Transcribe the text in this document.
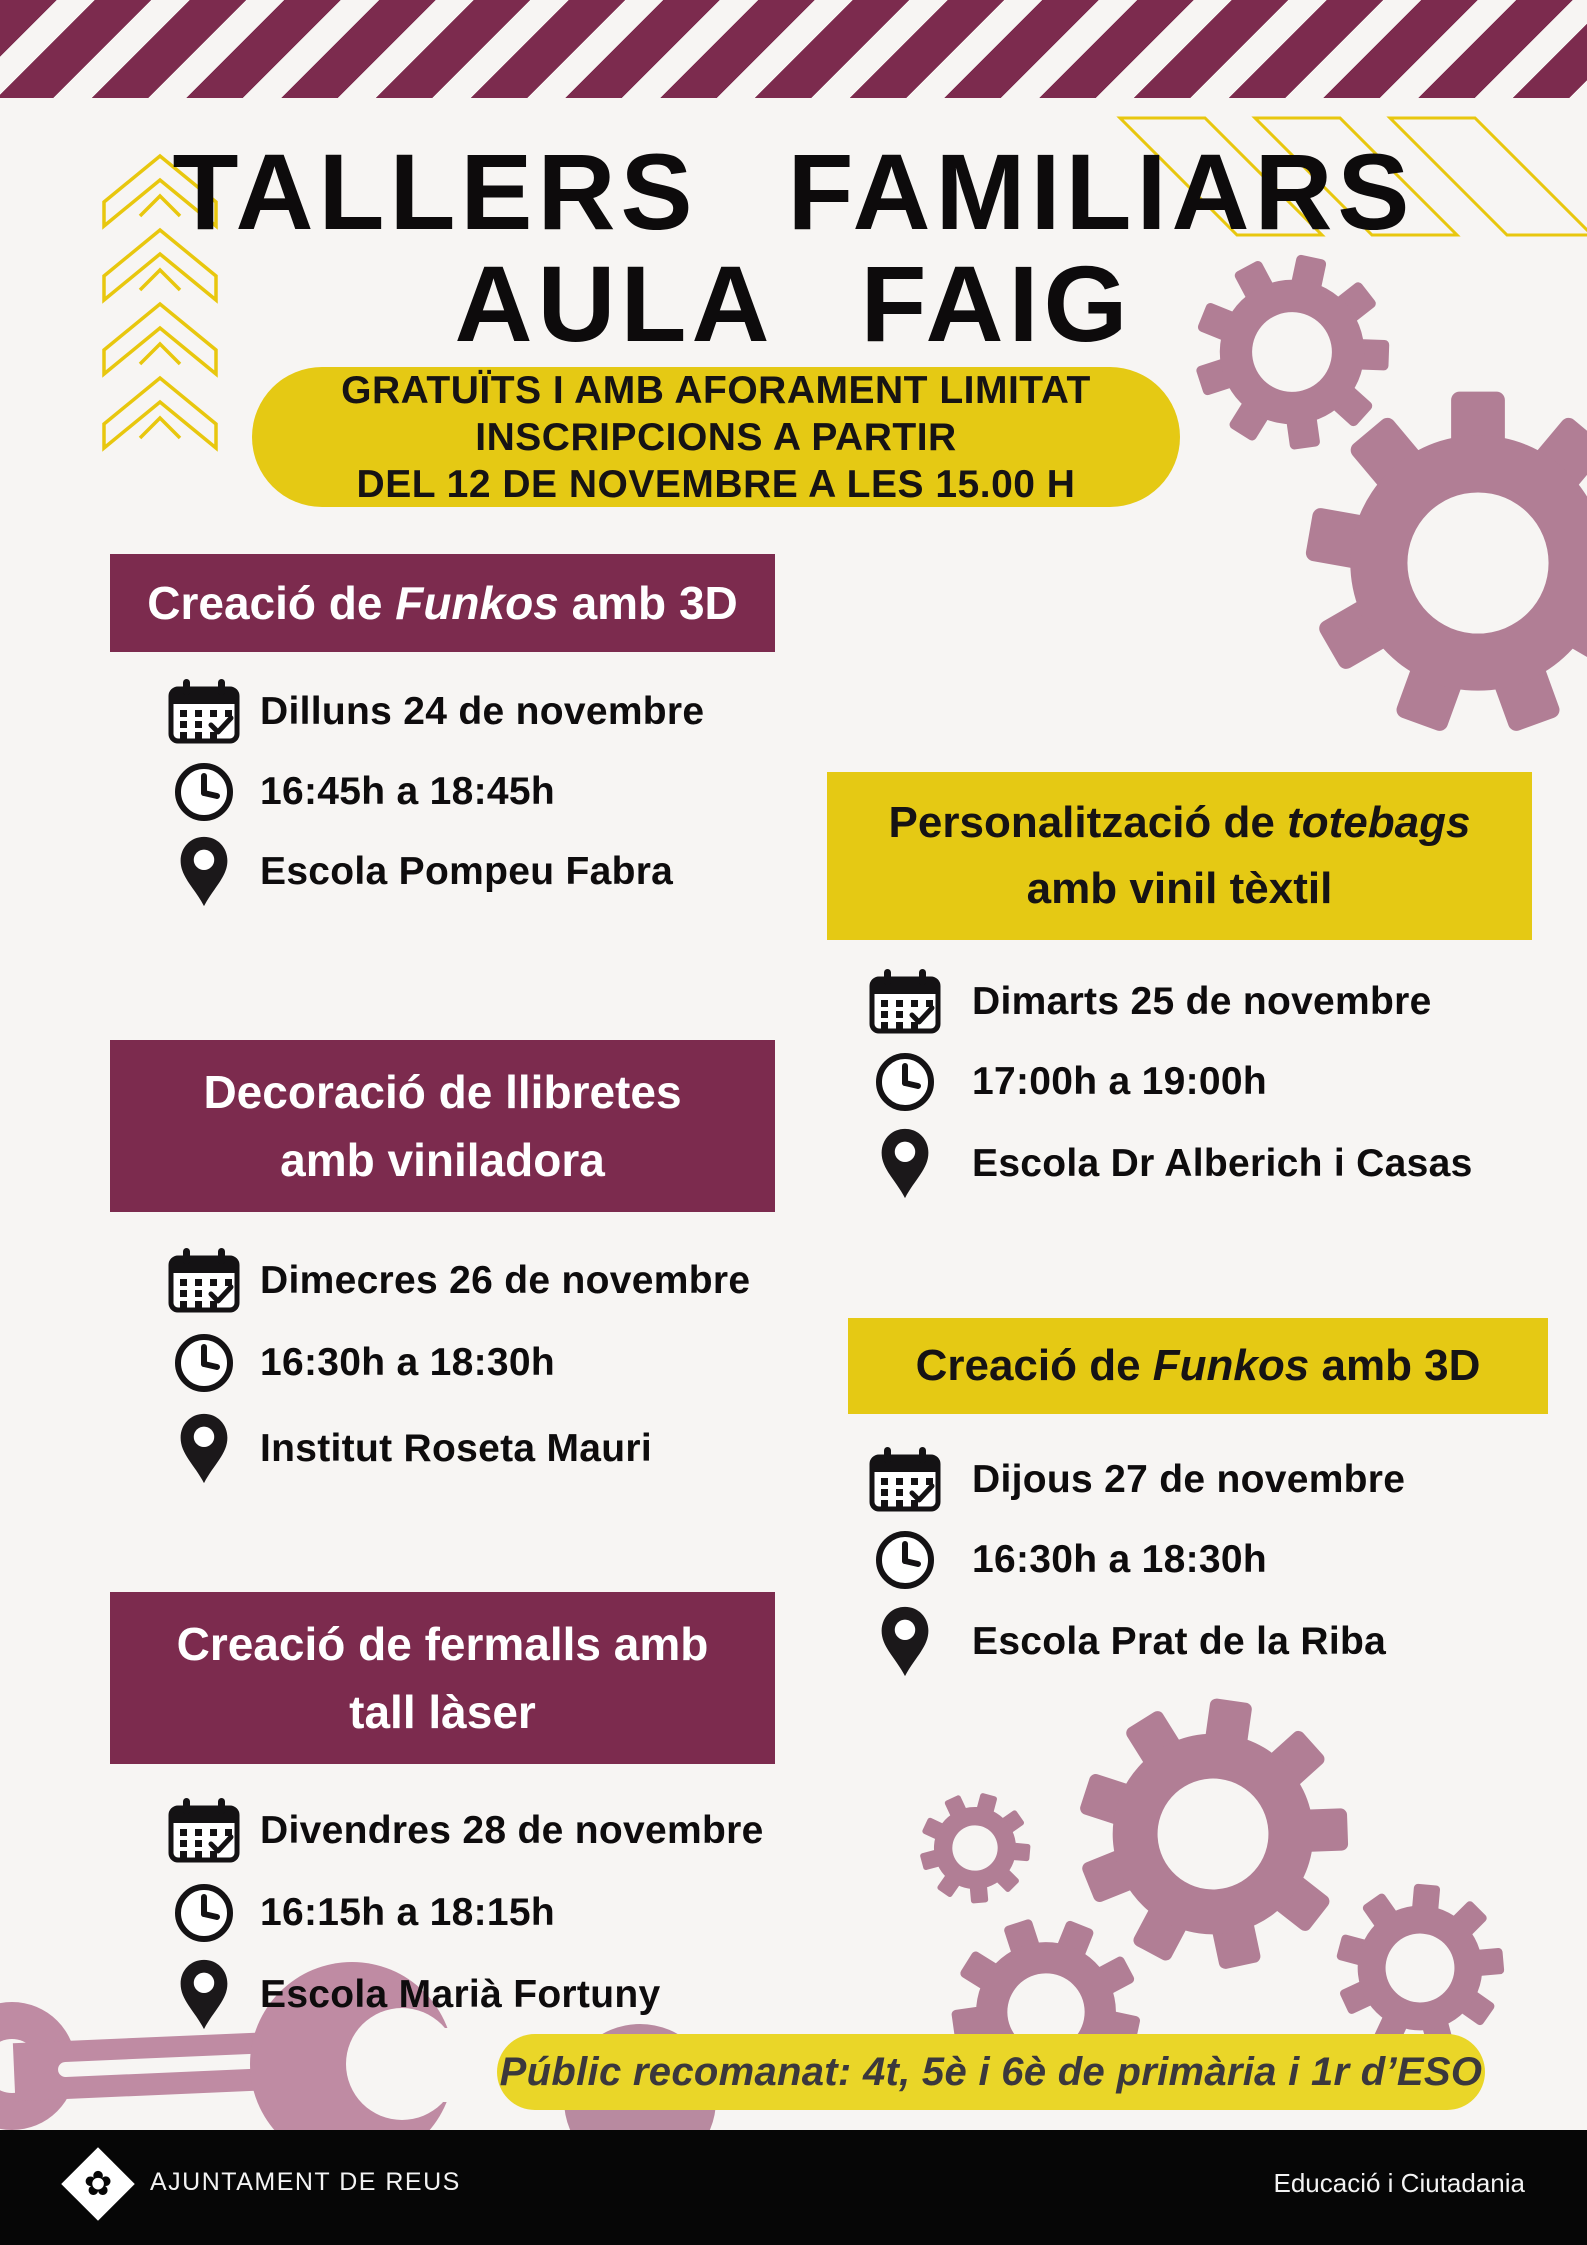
TALLERS FAMILIARS
AULA FAIG
GRATUÏTS I AMB AFORAMENT LIMITAT
INSCRIPCIONS A PARTIR
DEL 12 DE NOVEMBRE A LES 15.00 H
Creació de Funkos amb 3D
Dilluns 24 de novembre
16:45h a 18:45h
Escola Pompeu Fabra
Personalització de totebags
amb vinil tèxtil
Dimarts 25 de novembre
17:00h a 19:00h
Escola Dr Alberich i Casas
Decoració de llibretes
amb viniladora
Dimecres 26 de novembre
16:30h a 18:30h
Institut Roseta Mauri
Creació de Funkos amb 3D
Dijous 27 de novembre
16:30h a 18:30h
Escola Prat de la Riba
Creació de fermalls amb
tall làser
Divendres 28 de novembre
16:15h a 18:15h
Escola Marià Fortuny
Públic recomanat: 4t, 5è i 6è de primària i 1r d’ESO
✿ AJUNTAMENT DE REUS	Educació i Ciutadania
